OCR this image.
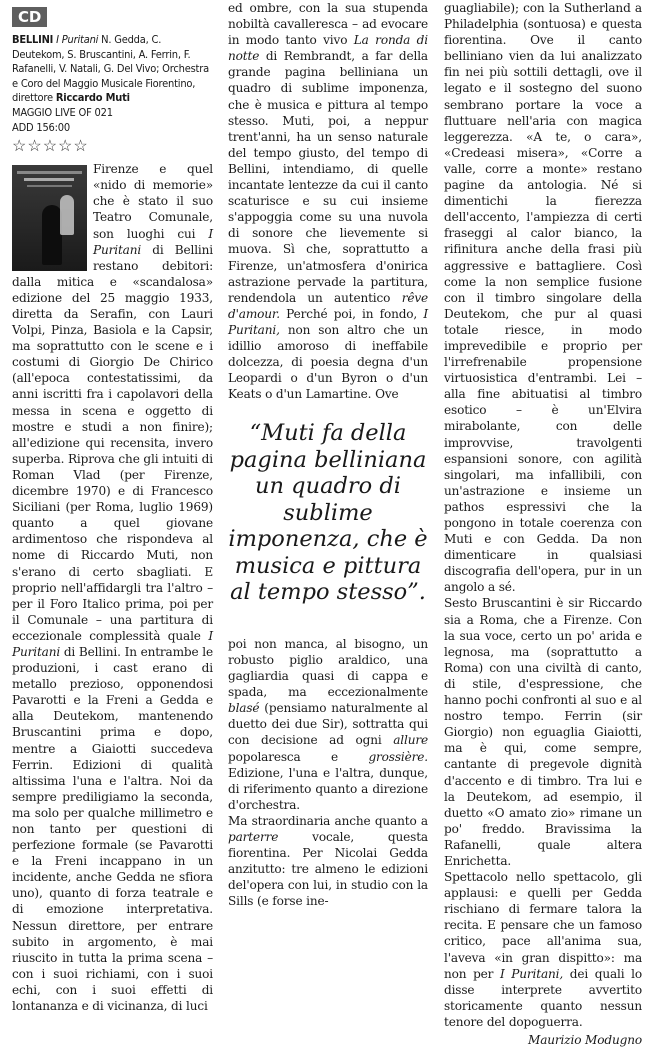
CD
BELLINI I Puritani N. Gedda, C. Deutekom, S. Bruscantini, A. Ferrin, F. Rafanelli, V. Natali, G. Del Vivo; Orchestra e Coro del Maggio Musicale Fiorentino, direttore Riccardo Muti
MAGGIO LIVE OF 021
ADD 156:00
☆☆☆☆☆

Firenze e quel «nido di memorie» che è stato il suo Teatro Comunale, son luoghi cui I Puritani di Bellini restano debitori: dalla mitica e «scandalosa» edizione del 25 maggio 1933, diretta da Serafin, con Lauri Volpi, Pinza, Basiola e la Capsir, ma soprattutto con le scene e i costumi di Giorgio De Chirico (all'epoca contestatissimi, da anni iscritti fra i capolavori della messa in scena e oggetto di mostre e studi a non finire); all'edizione qui recensita, invero superba. Riprova che gli intuiti di Roman Vlad (per Firenze, dicembre 1970) e di Francesco Siciliani (per Roma, luglio 1969) quanto a quel giovane ardimentoso che rispondeva al nome di Riccardo Muti, non s'erano di certo sbagliati. E proprio nell'affidargli tra l'altro – per il Foro Italico prima, poi per il Comunale – una partitura di eccezionale complessità quale I Puritani di Bellini. In entrambe le produzioni, i cast erano di metallo prezioso, opponendosi Pavarotti e la Freni a Gedda e alla Deutekom, mantenendo Bruscantini prima e dopo, mentre a Giaiotti succedeva Ferrin. Edizioni di qualità altissima l'una e l'altra. Noi da sempre prediligiamo la seconda, ma solo per qualche millimetro e non tanto per questioni di perfezione formale (se Pavarotti e la Freni incappano in un incidente, anche Gedda ne sfiora uno), quanto di forza teatrale e di emozione interpretativa. Nessun direttore, per entrare subito in argomento, è mai riuscito in tutta la prima scena – con i suoi richiami, con i suoi echi, con i suoi effetti di lontananza e di vicinanza, di luci

ed ombre, con la sua stupenda nobiltà cavalleresca – ad evocare in modo tanto vivo La ronda di notte di Rembrandt, a far della grande pagina belliniana un quadro di sublime imponenza, che è musica e pittura al tempo stesso. Muti, poi, a neppur trent'anni, ha un senso naturale del tempo giusto, del tempo di Bellini, intendiamo, di quelle incantate lentezze da cui il canto scaturisce e su cui insieme s'appoggia come su una nuvola di sonore che lievemente si muova. Sì che, soprattutto a Firenze, un'atmosfera d'onirica astrazione pervade la partitura, rendendola un autentico rêve d'amour. Perché poi, in fondo, I Puritani, non son altro che un idillio amoroso di ineffabile dolcezza, di poesia degna d'un Leopardi o d'un Byron o d'un Keats o d'un Lamartine. Ove

“Muti fa della pagina belliniana un quadro di sublime imponenza, che è musica e pittura al tempo stesso”.

poi non manca, al bisogno, un robusto piglio araldico, una gagliardia quasi di cappa e spada, ma eccezionalmente blasé (pensiamo naturalmente al duetto dei due Sir), sottratta qui con decisione ad ogni allure popolaresca e	grossière. Edizione, l'una e l'altra, dunque, di riferimento quanto a direzione d'orchestra.

Ma straordinaria anche quanto a parterre	vocale, questa fiorentina. Per Nicolai Gedda anzitutto: tre almeno le edizioni del'opera con lui, in studio con la Sills (e forse ine-

guagliabile); con la Sutherland a Philadelphia (sontuosa) e questa fiorentina. Ove il canto belliniano vien da lui analizzato fin nei più sottili dettagli, ove il legato e il sostegno del suono sembrano portare la voce a fluttuare nell'aria con magica leggerezza. «A te, o cara», «Credeasi misera», «Corre a valle, corre a monte» restano pagine da antologia. Né si dimentichi la fierezza dell'accento, l'ampiezza di certi fraseggi al calor bianco, la rifinitura anche della frasi più aggressive e battagliere. Così come la non semplice fusione con il timbro singolare della Deutekom, che pur al quasi totale riesce, in modo imprevedibile e proprio per l'irrefrenabile propensione virtuosistica d'entrambi. Lei – alla fine abituatisi al timbro esotico – è un'Elvira mirabolante, con delle improvvise, travolgenti espansioni sonore, con agilità singolari, ma infallibili, con un'astrazione e insieme un pathos espressivi che la pongono in totale coerenza con Muti e con Gedda. Da non dimenticare in qualsiasi discografia dell'opera, pur in un angolo a sé.

Sesto Bruscantini è sir Riccardo sia a Roma, che a Firenze. Con la sua voce, certo un po' arida e legnosa, ma (soprattutto a Roma) con una civiltà di canto, di stile, d'espressione, che hanno pochi confronti al suo e al nostro tempo. Ferrin (sir Giorgio) non eguaglia Giaiotti, ma è qui, come sempre, cantante di pregevole dignità d'accento e di timbro. Tra lui e la Deutekom, ad esempio, il duetto «O amato zio» rimane un po' freddo. Bravissima la Rafanelli, quale altera Enrichetta.

Spettacolo nello spettacolo, gli applausi: e quelli per Gedda rischiano di fermare talora la recita. E pensare che un famoso critico, pace all'anima sua, l'aveva «in gran dispitto»: ma non per I Puritani, dei quali lo disse interprete avvertito storicamente quanto nessun tenore del dopoguerra.

Maurizio Modugno
